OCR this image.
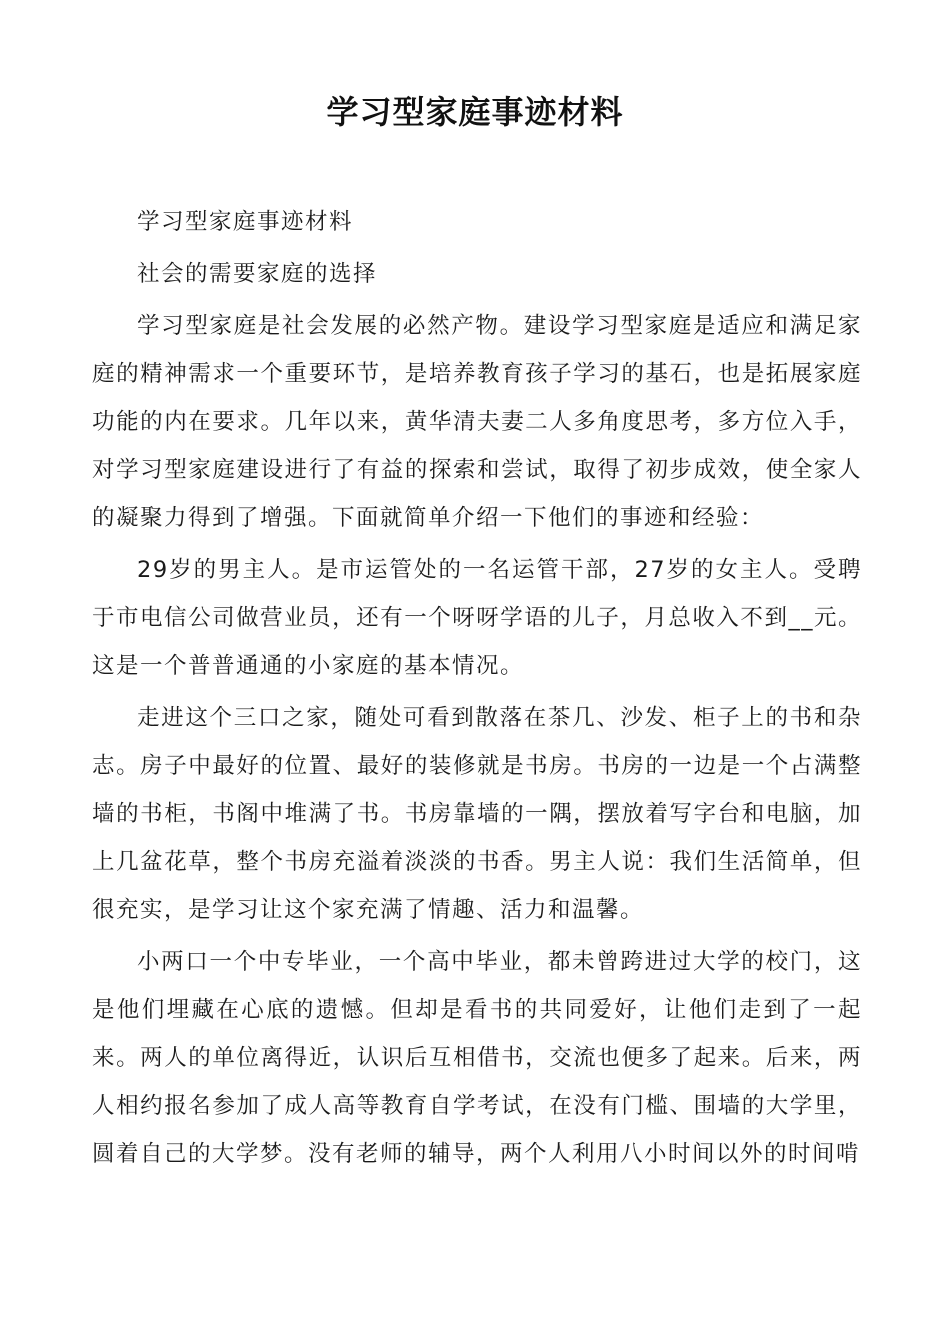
学习型家庭事迹材料

学习型家庭事迹材料

社会的需要家庭的选择

学习型家庭是社会发展的必然产物。建设学习型家庭是适应和满足家庭的精神需求一个重要环节，是培养教育孩子学习的基石，也是拓展家庭功能的内在要求。几年以来，黄华清夫妻二人多角度思考，多方位入手，对学习型家庭建设进行了有益的探索和尝试，取得了初步成效，使全家人的凝聚力得到了增强。下面就简单介绍一下他们的事迹和经验：

29岁的男主人。是市运管处的一名运管干部，27岁的女主人。受聘于市电信公司做营业员，还有一个呀呀学语的儿子，月总收入不到__元。这是一个普普通通的小家庭的基本情况。

走进这个三口之家，随处可看到散落在茶几、沙发、柜子上的书和杂志。房子中最好的位置、最好的装修就是书房。书房的一边是一个占满整墙的书柜，书阁中堆满了书。书房靠墙的一隅，摆放着写字台和电脑，加上几盆花草，整个书房充溢着淡淡的书香。男主人说：我们生活简单，但很充实，是学习让这个家充满了情趣、活力和温馨。

小两口一个中专毕业，一个高中毕业，都未曾跨进过大学的校门，这是他们埋藏在心底的遗憾。但却是看书的共同爱好，让他们走到了一起来。两人的单位离得近，认识后互相借书，交流也便多了起来。后来，两人相约报名参加了成人高等教育自学考试，在没有门槛、围墙的大学里，圆着自己的大学梦。没有老师的辅导，两个人利用八小时间以外的时间啃
